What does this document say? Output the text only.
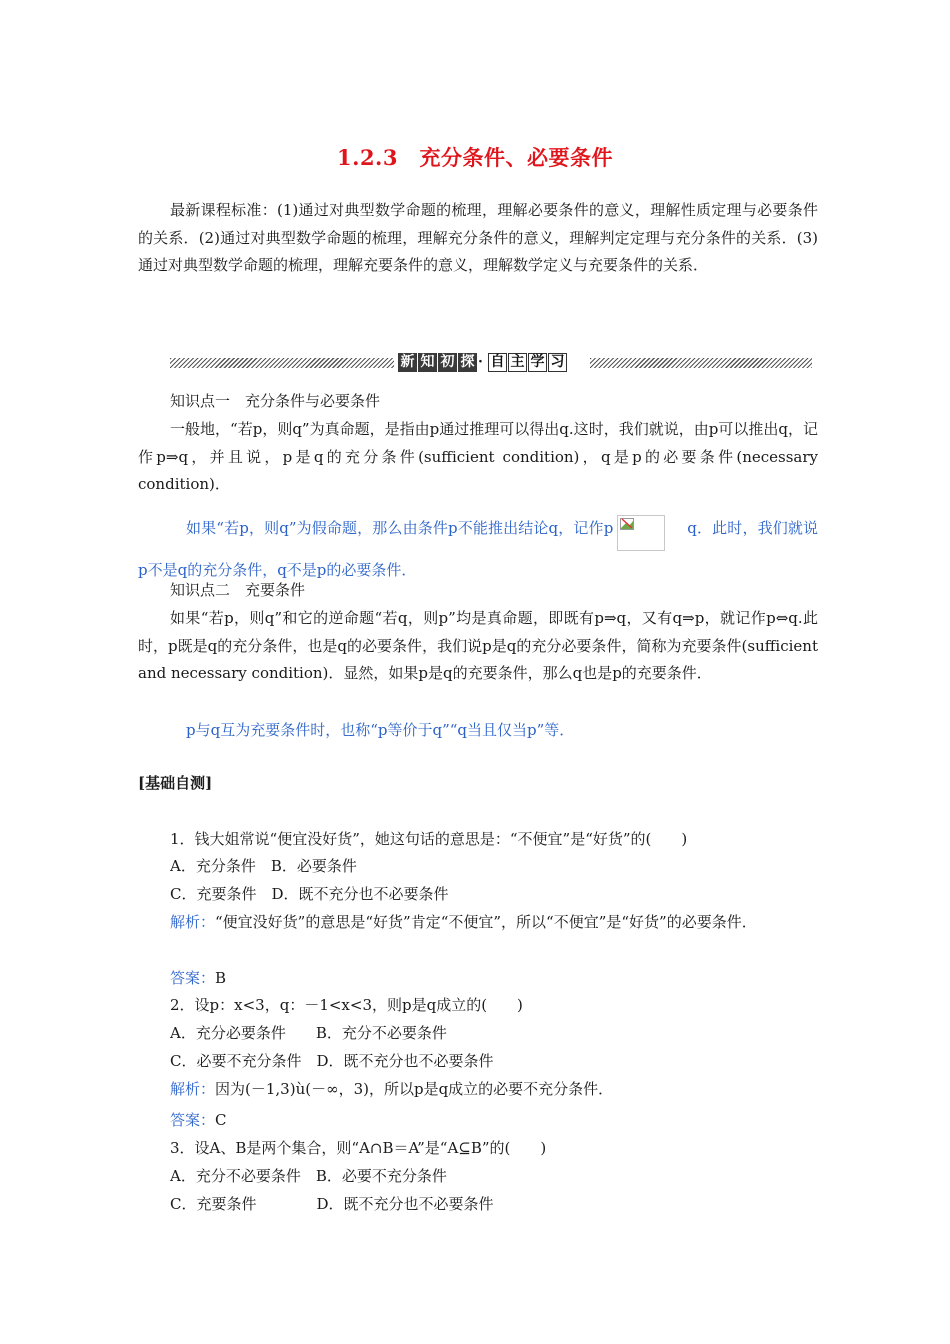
1.2.3　充分条件、必要条件
最新课程标准：(1)通过对典型数学命题的梳理，理解必要条件的意义，理解性质定理与必要条件的关系．(2)通过对典型数学命题的梳理，理解充分条件的意义，理解判定定理与充分条件的关系．(3)通过对典型数学命题的梳理，理解充要条件的意义，理解数学定义与充要条件的关系．
新 知 初 探 · 自 主 学 习
知识点一　充分条件与必要条件
一般地，“若p，则q”为真命题，是指由p通过推理可以得出q.这时，我们就说，由p可以推出q，记作p⇒q，并且说，p是q的充分条件(sufficient condition)，q是p的必要条件(necessary condition)．
如果“若p，则q”为假命题，那么由条件p不能推出结论q，记作p	q．此时，我们就说p不是q的充分条件，q不是p的必要条件．
知识点二　充要条件
如果“若p，则q”和它的逆命题“若q，则p”均是真命题，即既有p⇒q，又有q⇒p，就记作p⇔q.此时，p既是q的充分条件，也是q的必要条件，我们说p是q的充分必要条件，简称为充要条件(sufficient and necessary condition)．显然，如果p是q的充要条件，那么q也是p的充要条件．
p与q互为充要条件时，也称“p等价于q”“q当且仅当p”等．
[基础自测]
1．钱大姐常说“便宜没好货”，她这句话的意思是：“不便宜”是“好货”的(　　)
A．充分条件　B．必要条件
C．充要条件　D．既不充分也不必要条件
解析：“便宜没好货”的意思是“好货”肯定“不便宜”，所以“不便宜”是“好货”的必要条件．
答案：B
2．设p：x<3，q：－1<x<3，则p是q成立的(　　)
A．充分必要条件　　B．充分不必要条件
C．必要不充分条件　D．既不充分也不必要条件
解析：因为(－1,3)ù(－∞，3)，所以p是q成立的必要不充分条件．
答案：C
3．设A、B是两个集合，则“A∩B＝A”是“A⊆B”的(　　)
A．充分不必要条件　B．必要不充分条件
C．充要条件　　　　D．既不充分也不必要条件
